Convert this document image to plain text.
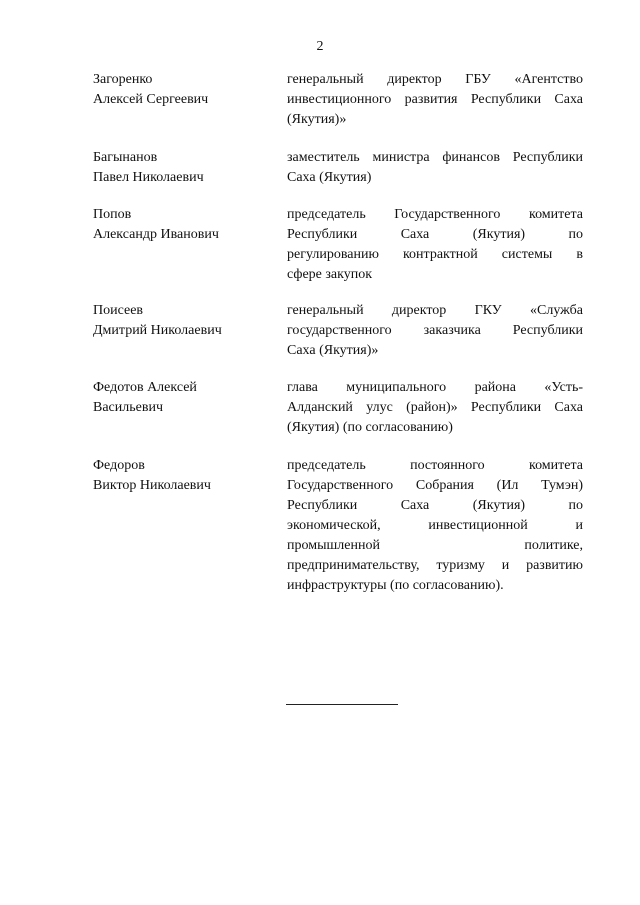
2
Загоренко
Алексей Сергеевич
генеральный директор ГБУ «Агентство
инвестиционного развития Республики Саха
(Якутия)»
Багынанов
Павел Николаевич
заместитель министра финансов Республики
Саха (Якутия)
Попов
Александр Иванович
председатель Государственного комитета
Республики Саха (Якутия) по
регулированию контрактной системы в
сфере закупок
Поисеев
Дмитрий Николаевич
генеральный директор ГКУ «Служба
государственного заказчика Республики
Саха (Якутия)»
Федотов Алексей
Васильевич
глава муниципального района «Усть-
Алданский улус (район)» Республики Саха
(Якутия) (по согласованию)
Федоров
Виктор Николаевич
председатель постоянного комитета
Государственного Собрания (Ил Тумэн)
Республики Саха (Якутия) по
экономической, инвестиционной и
промышленной политике,
предпринимательству, туризму и развитию
инфраструктуры (по согласованию).
